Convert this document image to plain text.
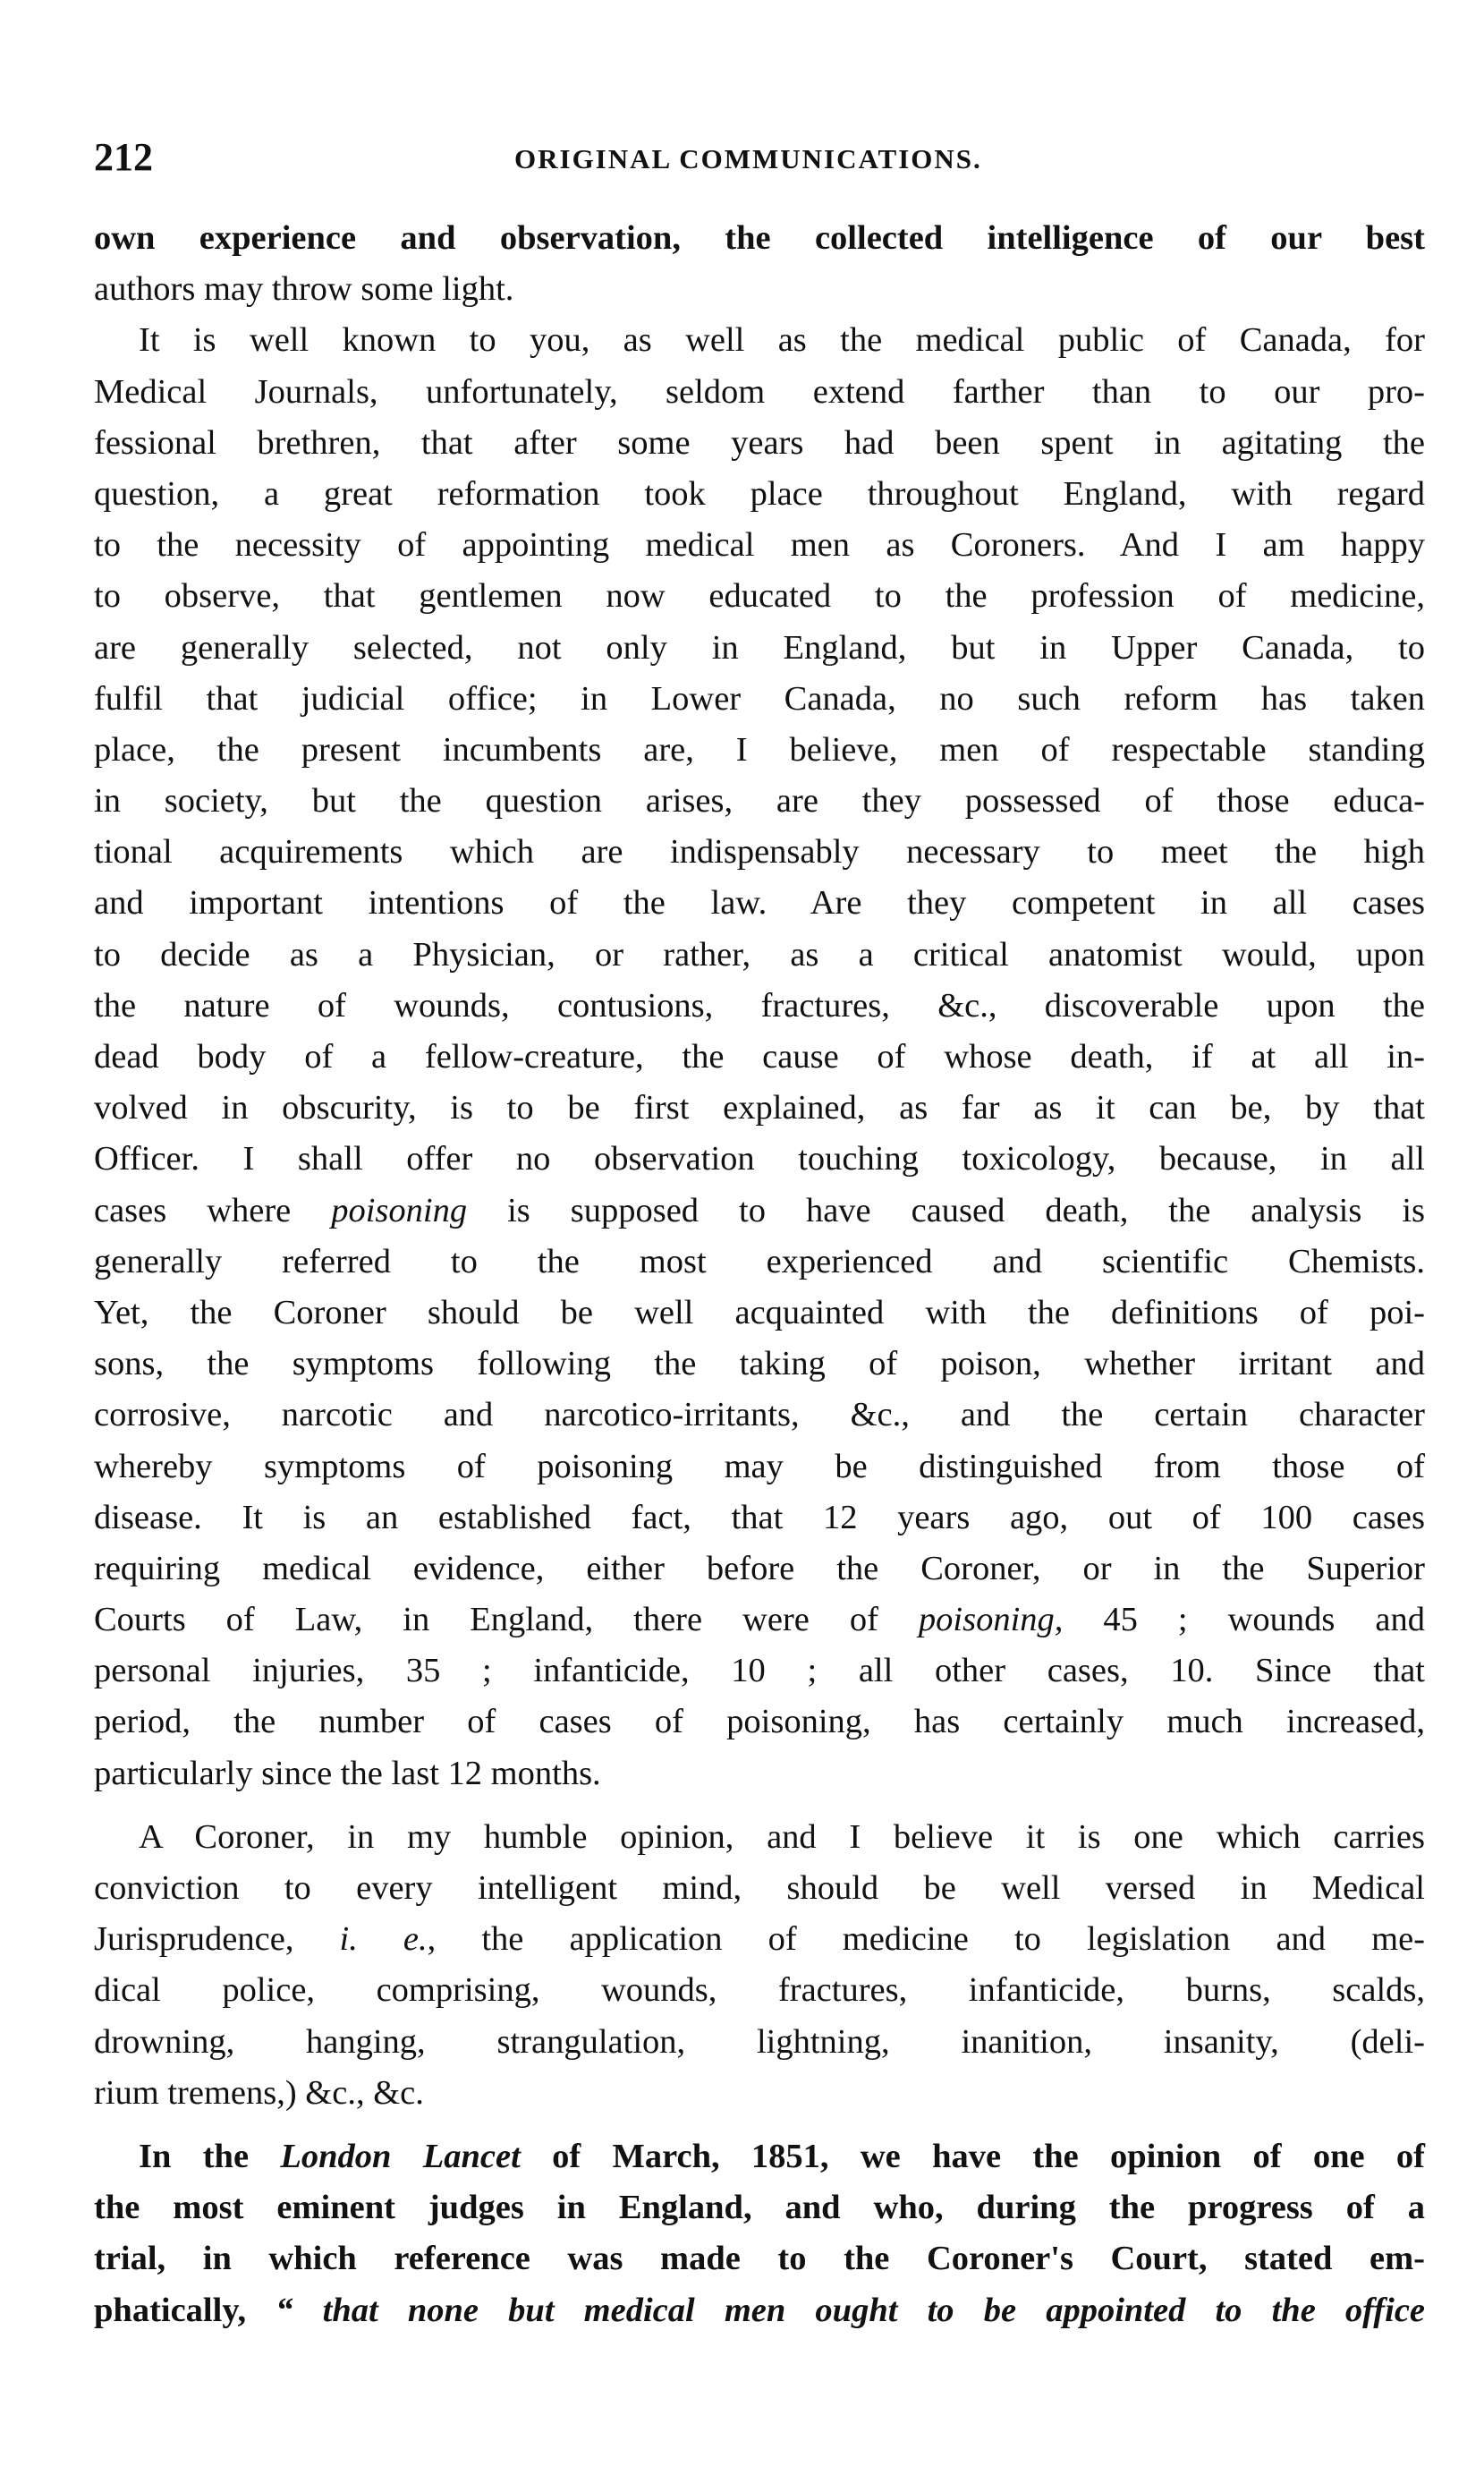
212	ORIGINAL COMMUNICATIONS.
own experience and observation, the collected intelligence of our best
authors may throw some light.
It is well known to you, as well as the medical public of Canada, for
Medical Journals, unfortunately, seldom extend farther than to our pro-
fessional brethren, that after some years had been spent in agitating the
question, a great reformation took place throughout England, with regard
to the necessity of appointing medical men as Coroners. And I am happy
to observe, that gentlemen now educated to the profession of medicine,
are generally selected, not only in England, but in Upper Canada, to
fulfil that judicial office; in Lower Canada, no such reform has taken
place, the present incumbents are, I believe, men of respectable standing
in society, but the question arises, are they possessed of those educa-
tional acquirements which are indispensably necessary to meet the high
and important intentions of the law. Are they competent in all cases
to decide as a Physician, or rather, as a critical anatomist would, upon
the nature of wounds, contusions, fractures, &c., discoverable upon the
dead body of a fellow-creature, the cause of whose death, if at all in-
volved in obscurity, is to be first explained, as far as it can be, by that
Officer. I shall offer no observation touching toxicology, because, in all
cases where poisoning is supposed to have caused death, the analysis is
generally referred to the most experienced and scientific Chemists.
Yet, the Coroner should be well acquainted with the definitions of poi-
sons, the symptoms following the taking of poison, whether irritant and
corrosive, narcotic and narcotico-irritants, &c., and the certain character
whereby symptoms of poisoning may be distinguished from those of
disease. It is an established fact, that 12 years ago, out of 100 cases
requiring medical evidence, either before the Coroner, or in the Superior
Courts of Law, in England, there were of poisoning, 45 ; wounds and
personal injuries, 35 ; infanticide, 10 ; all other cases, 10. Since that
period, the number of cases of poisoning, has certainly much increased,
particularly since the last 12 months.
A Coroner, in my humble opinion, and I believe it is one which carries
conviction to every intelligent mind, should be well versed in Medical
Jurisprudence, i. e., the application of medicine to legislation and me-
dical police, comprising, wounds, fractures, infanticide, burns, scalds,
drowning, hanging, strangulation, lightning, inanition, insanity, (deli-
rium tremens,) &c., &c.
In the London Lancet of March, 1851, we have the opinion of one of
the most eminent judges in England, and who, during the progress of a
trial, in which reference was made to the Coroner's Court, stated em-
phatically, “ that none but medical men ought to be appointed to the office
